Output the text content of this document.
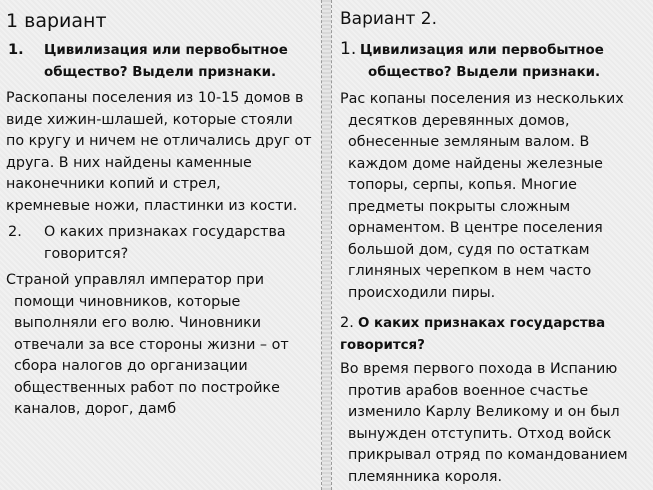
1 вариант
1. Цивилизация или первобытное
общество? Выдели признаки.
Раскопаны поселения из 10-15 домов в
виде хижин-шлашей, которые стояли
по кругу и ничем не отличались друг от
друга. В них найдены каменные
наконечники копий и стрел,
кремневые ножи, пластинки из кости.
2. О каких признаках государства
говорится?
Страной управлял император при
помощи чиновников, которые
выполняли его волю. Чиновники
отвечали за все стороны жизни – от
сбора налогов до организации
общественных работ по постройке
каналов, дорог, дамб
Вариант 2.
1. Цивилизация или первобытное
общество? Выдели признаки.
Рас копаны поселения из нескольких
десятков деревянных домов,
обнесенные земляным валом. В
каждом доме найдены железные
топоры, серпы, копья. Многие
предметы покрыты сложным
орнаментом. В центре поселения
большой дом, судя по остаткам
глиняных черепком в нем часто
происходили пиры.
2. О каких признаках государства
говорится?
Во время первого похода в Испанию
против арабов военное счастье
изменило Карлу Великому и он был
вынужден отступить. Отход войск
прикрывал отряд по командованием
племянника короля.
